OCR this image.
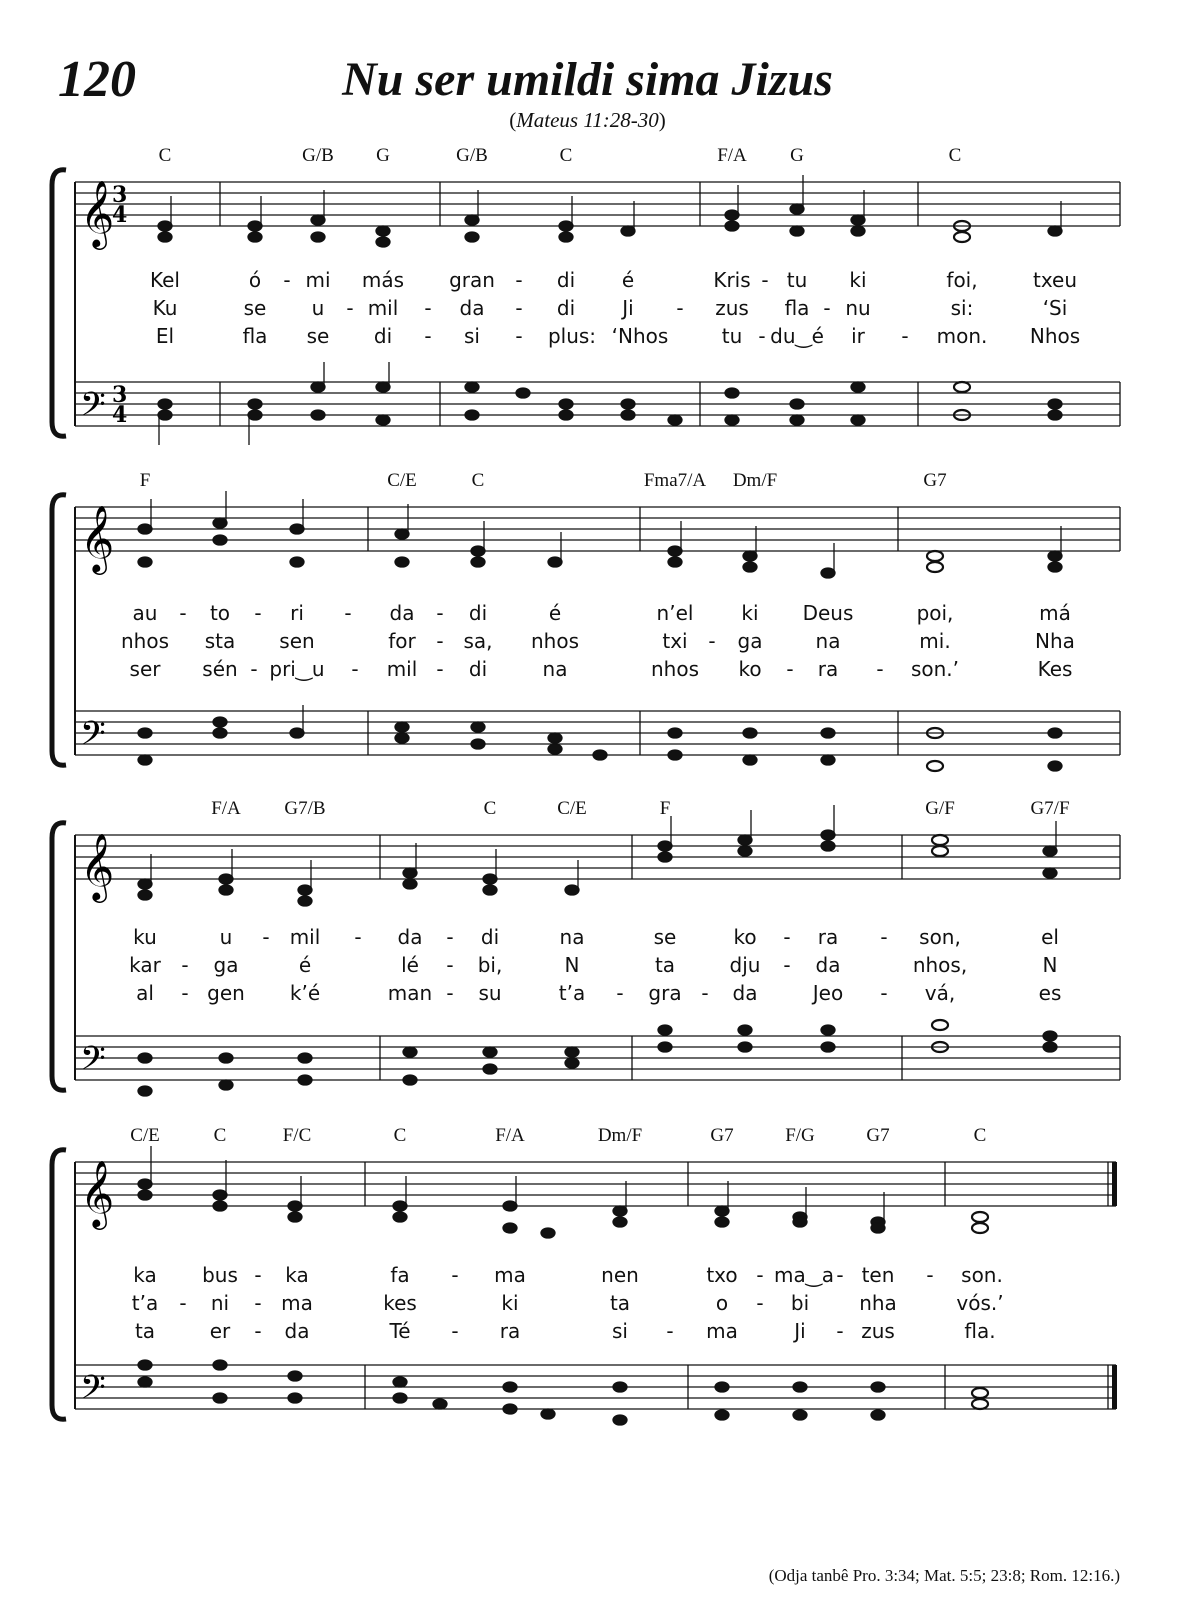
120	Nu ser umildi sima Jizus
(Mateus 11:28-30)
𝄞
𝄢
3
4
3
4
C	G/B G	G/B	C	F/A G	C
Kel	ó - mi más gran - di é	Kris - tu ki	foi,	txeu
Ku	se u - mil - da - di Ji - zus fla - nu	si:	‘Si
El	fla se di - si - plus: ‘Nhos	tu - du‿é ir - mon. Nhos
𝄞
𝄢
F	C/E	C	Fma7/A Dm/F	G7
au - to - ri - da - di	é	n’el ki Deus	poi,	má
nhos sta sen	for - sa, nhos	txi - ga	na	mi.	Nha
ser sén - pri‿u - mil - di	na	nhos ko - ra - son.’	Kes
𝄞
𝄢
F/A G7/B	C	C/E	F	G/F	G7/F
ku	u - mil - da - di	na	se	ko - ra - son,	el
kar - ga	é	lé - bi,	N	ta	dju - da	nhos,	N
al - gen k’é	man - su	t’a - gra - da	Jeo - vá,	es
𝄞
𝄢
C/E	C	F/C	C	F/A	Dm/F	G7	F/G	G7	C
ka bus - ka	fa - ma	nen	txo - ma‿a - ten - son.
t’a - ni - ma	kes	ki	ta	o - bi	nha	vós.’
ta	er - da	Té - ra	si - ma	Ji - zus	fla.
(Odja tanbê Pro. 3:34; Mat. 5:5; 23:8; Rom. 12:16.)
